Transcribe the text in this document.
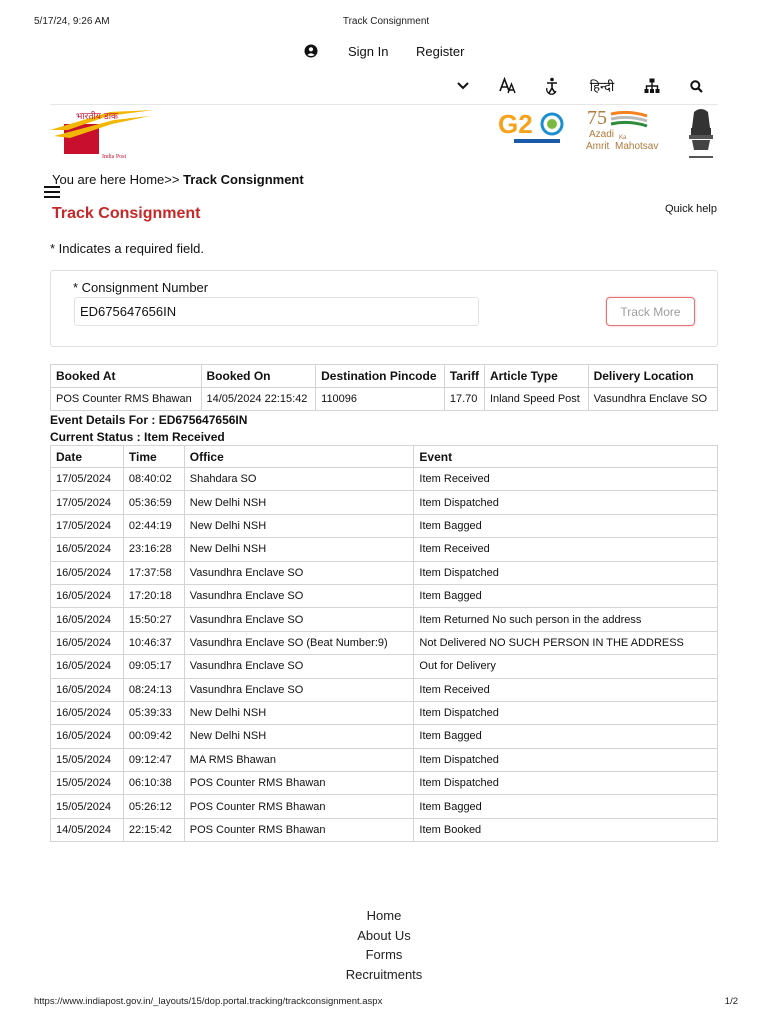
5/17/24, 9:26 AM	Track Consignment
Sign In Register
हिन्दी
भारतीय डाक
India Post
G2	7 5
Azadi Ka
Amrit Mahotsav
You are here Home>> Track Consignment
Track Consignment	Quick help
* Indicates a required field.
* Consignment Number
ED675647656IN	Track More
Booked At	Booked On	Destination Pincode	Tariff	Article Type	Delivery Location
POS Counter RMS Bhawan	14/05/2024 22:15:42	110096	17.70	Inland Speed Post	Vasundhra Enclave SO
Event Details For : ED675647656IN
Current Status : Item Received
Date	Time	Office	Event
17/05/2024	08:40:02	Shahdara SO	Item Received
17/05/2024	05:36:59	New Delhi NSH	Item Dispatched
17/05/2024	02:44:19	New Delhi NSH	Item Bagged
16/05/2024	23:16:28	New Delhi NSH	Item Received
16/05/2024	17:37:58	Vasundhra Enclave SO	Item Dispatched
16/05/2024	17:20:18	Vasundhra Enclave SO	Item Bagged
16/05/2024	15:50:27	Vasundhra Enclave SO	Item Returned No such person in the address
16/05/2024	10:46:37	Vasundhra Enclave SO (Beat Number:9)	Not Delivered NO SUCH PERSON IN THE ADDRESS
16/05/2024	09:05:17	Vasundhra Enclave SO	Out for Delivery
16/05/2024	08:24:13	Vasundhra Enclave SO	Item Received
16/05/2024	05:39:33	New Delhi NSH	Item Dispatched
16/05/2024	00:09:42	New Delhi NSH	Item Bagged
15/05/2024	09:12:47	MA RMS Bhawan	Item Dispatched
15/05/2024	06:10:38	POS Counter RMS Bhawan	Item Dispatched
15/05/2024	05:26:12	POS Counter RMS Bhawan	Item Bagged
14/05/2024	22:15:42	POS Counter RMS Bhawan	Item Booked
Home
About Us
Forms
Recruitments
https://www.indiapost.gov.in/_layouts/15/dop.portal.tracking/trackconsignment.aspx	1/2
